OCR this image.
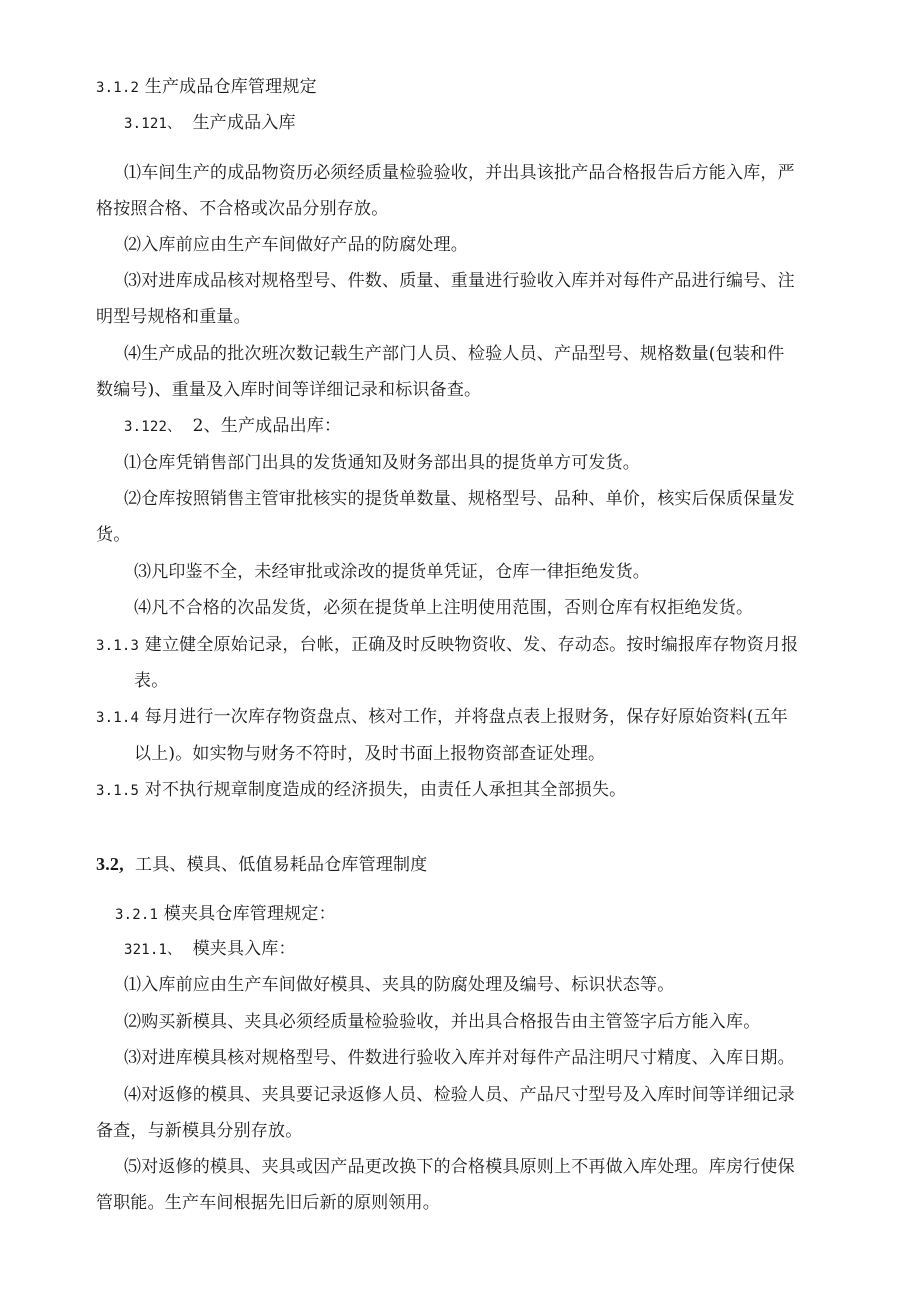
3.1.2 生产成品仓库管理规定
3.121、 生产成品入库
⑴车间生产的成品物资历必须经质量检验验收，并出具该批产品合格报告后方能入库，严
格按照合格、不合格或次品分别存放。
⑵入库前应由生产车间做好产品的防腐处理。
⑶对进库成品核对规格型号、件数、质量、重量进行验收入库并对每件产品进行编号、注
明型号规格和重量。
⑷生产成品的批次班次数记载生产部门人员、检验人员、产品型号、规格数量(包装和件
数编号)、重量及入库时间等详细记录和标识备查。
3.122、 2、生产成品出库：
⑴仓库凭销售部门出具的发货通知及财务部出具的提货单方可发货。
⑵仓库按照销售主管审批核实的提货单数量、规格型号、品种、单价，核实后保质保量发
货。
⑶凡印鉴不全，未经审批或涂改的提货单凭证，仓库一律拒绝发货。
⑷凡不合格的次品发货，必须在提货单上注明使用范围，否则仓库有权拒绝发货。
3.1.3 建立健全原始记录，台帐，正确及时反映物资收、发、存动态。按时编报库存物资月报
表。
3.1.4 每月进行一次库存物资盘点、核对工作，并将盘点表上报财务，保存好原始资料(五年
以上)。如实物与财务不符时，及时书面上报物资部查证处理。
3.1.5 对不执行规章制度造成的经济损失，由责任人承担其全部损失。
3.2, 工具、模具、低值易耗品仓库管理制度
3.2.1 模夹具仓库管理规定：
321.1、 模夹具入库：
⑴入库前应由生产车间做好模具、夹具的防腐处理及编号、标识状态等。
⑵购买新模具、夹具必须经质量检验验收，并出具合格报告由主管签字后方能入库。
⑶对进库模具核对规格型号、件数进行验收入库并对每件产品注明尺寸精度、入库日期。
⑷对返修的模具、夹具要记录返修人员、检验人员、产品尺寸型号及入库时间等详细记录
备查，与新模具分别存放。
⑸对返修的模具、夹具或因产品更改换下的合格模具原则上不再做入库处理。库房行使保
管职能。生产车间根据先旧后新的原则领用。
